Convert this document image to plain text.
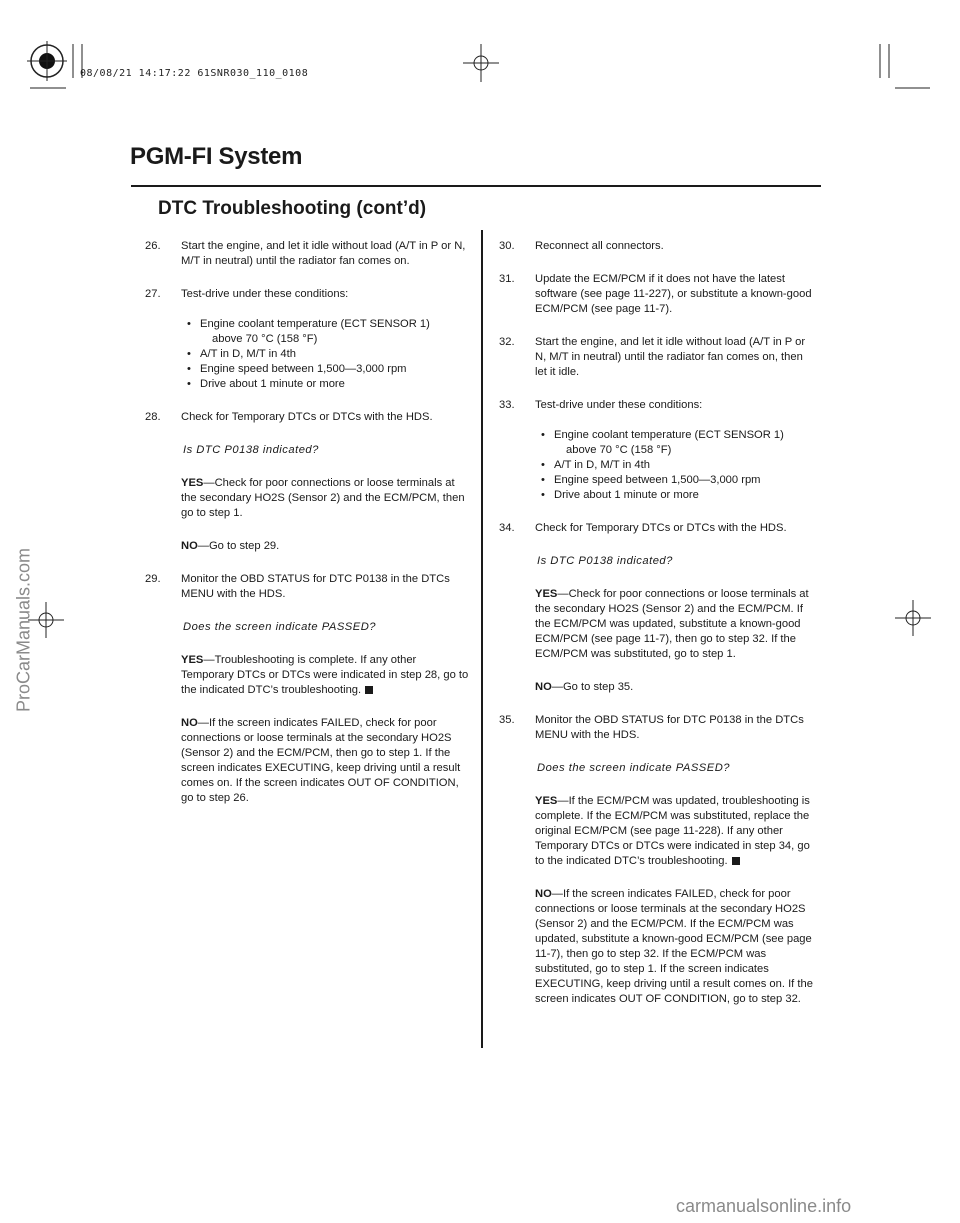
08/08/21 14:17:22 61SNR030_110_0108
PGM-FI System
DTC Troubleshooting (cont’d)
ProCarManuals.com
carmanualsonline.info
26. Start the engine, and let it idle without load (A/T in P or N, M/T in neutral) until the radiator fan comes on.
27. Test-drive under these conditions:
• Engine coolant temperature (ECT SENSOR 1)
above 70 °C (158 °F)
• A/T in D, M/T in 4th
• Engine speed between 1,500—3,000 rpm
• Drive about 1 minute or more
28. Check for Temporary DTCs or DTCs with the HDS.
Is DTC P0138 indicated?
YES — Check for poor connections or loose terminals at the secondary HO2S (Sensor 2) and the ECM/PCM, then go to step 1.
NO — Go to step 29.
29. Monitor the OBD STATUS for DTC P0138 in the DTCs MENU with the HDS.
Does the screen indicate PASSED?
YES — Troubleshooting is complete. If any other Temporary DTCs or DTCs were indicated in step 28, go to the indicated DTC’s troubleshooting.
NO — If the screen indicates FAILED, check for poor connections or loose terminals at the secondary HO2S (Sensor 2) and the ECM/PCM, then go to step 1. If the screen indicates EXECUTING, keep driving until a result comes on. If the screen indicates OUT OF CONDITION, go to step 26.
30. Reconnect all connectors.
31. Update the ECM/PCM if it does not have the latest software (see page 11-227), or substitute a known-good ECM/PCM (see page 11-7).
32. Start the engine, and let it idle without load (A/T in P or N, M/T in neutral) until the radiator fan comes on, then let it idle.
33. Test-drive under these conditions:
• Engine coolant temperature (ECT SENSOR 1)
above 70 °C (158 °F)
• A/T in D, M/T in 4th
• Engine speed between 1,500—3,000 rpm
• Drive about 1 minute or more
34. Check for Temporary DTCs or DTCs with the HDS.
Is DTC P0138 indicated?
YES — Check for poor connections or loose terminals at the secondary HO2S (Sensor 2) and the ECM/PCM. If the ECM/PCM was updated, substitute a known-good ECM/PCM (see page 11-7), then go to step 32. If the ECM/PCM was substituted, go to step 1.
NO — Go to step 35.
35. Monitor the OBD STATUS for DTC P0138 in the DTCs MENU with the HDS.
Does the screen indicate PASSED?
YES — If the ECM/PCM was updated, troubleshooting is complete. If the ECM/PCM was substituted, replace the original ECM/PCM (see page 11-228). If any other Temporary DTCs or DTCs were indicated in step 34, go to the indicated DTC’s troubleshooting.
NO — If the screen indicates FAILED, check for poor connections or loose terminals at the secondary HO2S (Sensor 2) and the ECM/PCM. If the ECM/PCM was updated, substitute a known-good ECM/PCM (see page 11-7), then go to step 32. If the ECM/PCM was substituted, go to step 1. If the screen indicates EXECUTING, keep driving until a result comes on. If the screen indicates OUT OF CONDITION, go to step 32.
